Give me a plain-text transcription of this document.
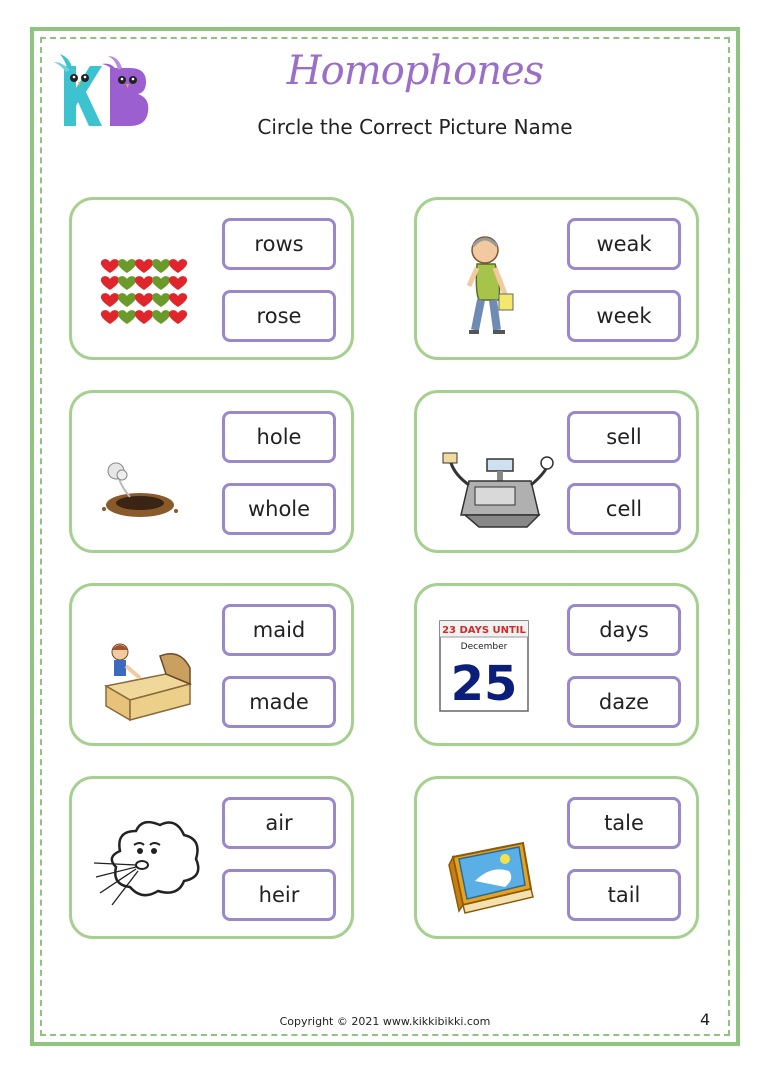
Homophones
Circle the Correct Picture Name
rows
rose
weak
week
hole
whole
sell
cell
maid
made
23 DAYS UNTIL
December
25
days
daze
air
heir
tale
tail
Copyright © 2021 www.kikkibikki.com	4
